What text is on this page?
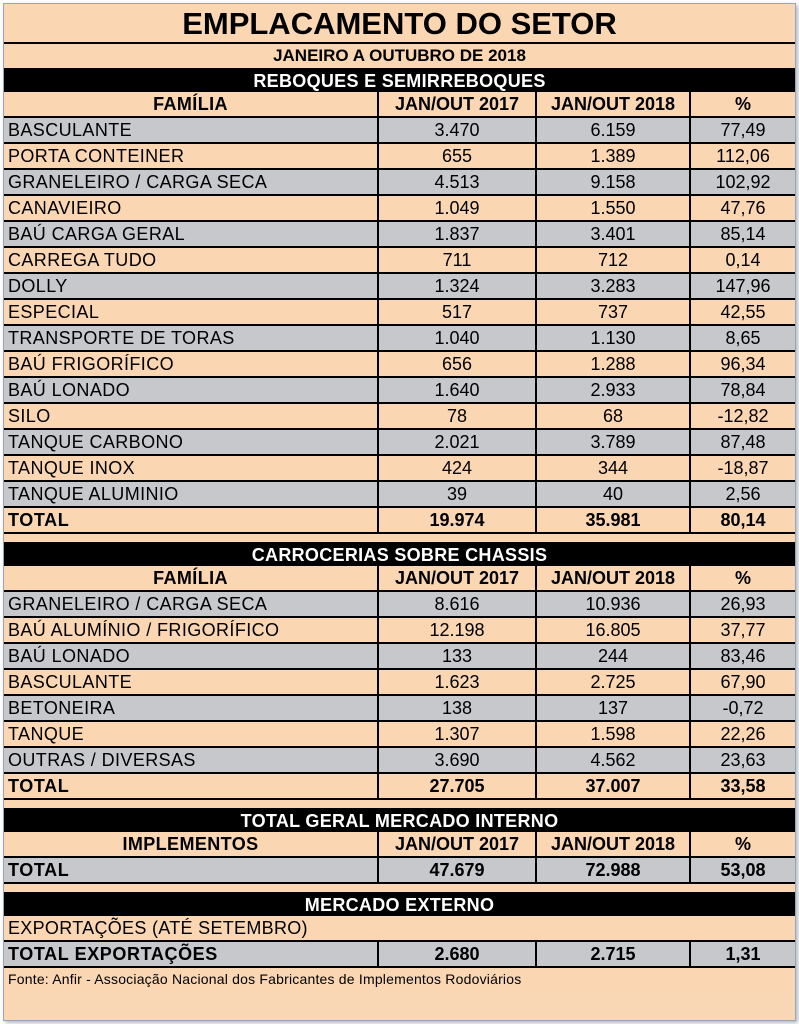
EMPLACAMENTO DO SETOR
JANEIRO A OUTUBRO DE 2018
REBOQUES E SEMIRREBOQUES
FAMÍLIA	JAN/OUT 2017	JAN/OUT 2018	%
BASCULANTE	3.470	6.159	77,49
PORTA CONTEINER	655	1.389	112,06
GRANELEIRO / CARGA SECA	4.513	9.158	102,92
CANAVIEIRO	1.049	1.550	47,76
BAÚ CARGA GERAL	1.837	3.401	85,14
CARREGA TUDO	711	712	0,14
DOLLY	1.324	3.283	147,96
ESPECIAL	517	737	42,55
TRANSPORTE DE TORAS	1.040	1.130	8,65
BAÚ FRIGORÍFICO	656	1.288	96,34
BAÚ LONADO	1.640	2.933	78,84
SILO	78	68	-12,82
TANQUE CARBONO	2.021	3.789	87,48
TANQUE INOX	424	344	-18,87
TANQUE ALUMINIO	39	40	2,56
TOTAL	19.974	35.981	80,14
CARROCERIAS SOBRE CHASSIS
FAMÍLIA	JAN/OUT 2017	JAN/OUT 2018	%
GRANELEIRO / CARGA SECA	8.616	10.936	26,93
BAÚ ALUMÍNIO / FRIGORÍFICO	12.198	16.805	37,77
BAÚ LONADO	133	244	83,46
BASCULANTE	1.623	2.725	67,90
BETONEIRA	138	137	-0,72
TANQUE	1.307	1.598	22,26
OUTRAS / DIVERSAS	3.690	4.562	23,63
TOTAL	27.705	37.007	33,58
TOTAL GERAL MERCADO INTERNO
IMPLEMENTOS	JAN/OUT 2017	JAN/OUT 2018	%
TOTAL	47.679	72.988	53,08
MERCADO EXTERNO
EXPORTAÇÕES (ATÉ SETEMBRO)
TOTAL EXPORTAÇÕES	2.680	2.715	1,31
Fonte: Anfir - Associação Nacional dos Fabricantes de Implementos Rodoviários
